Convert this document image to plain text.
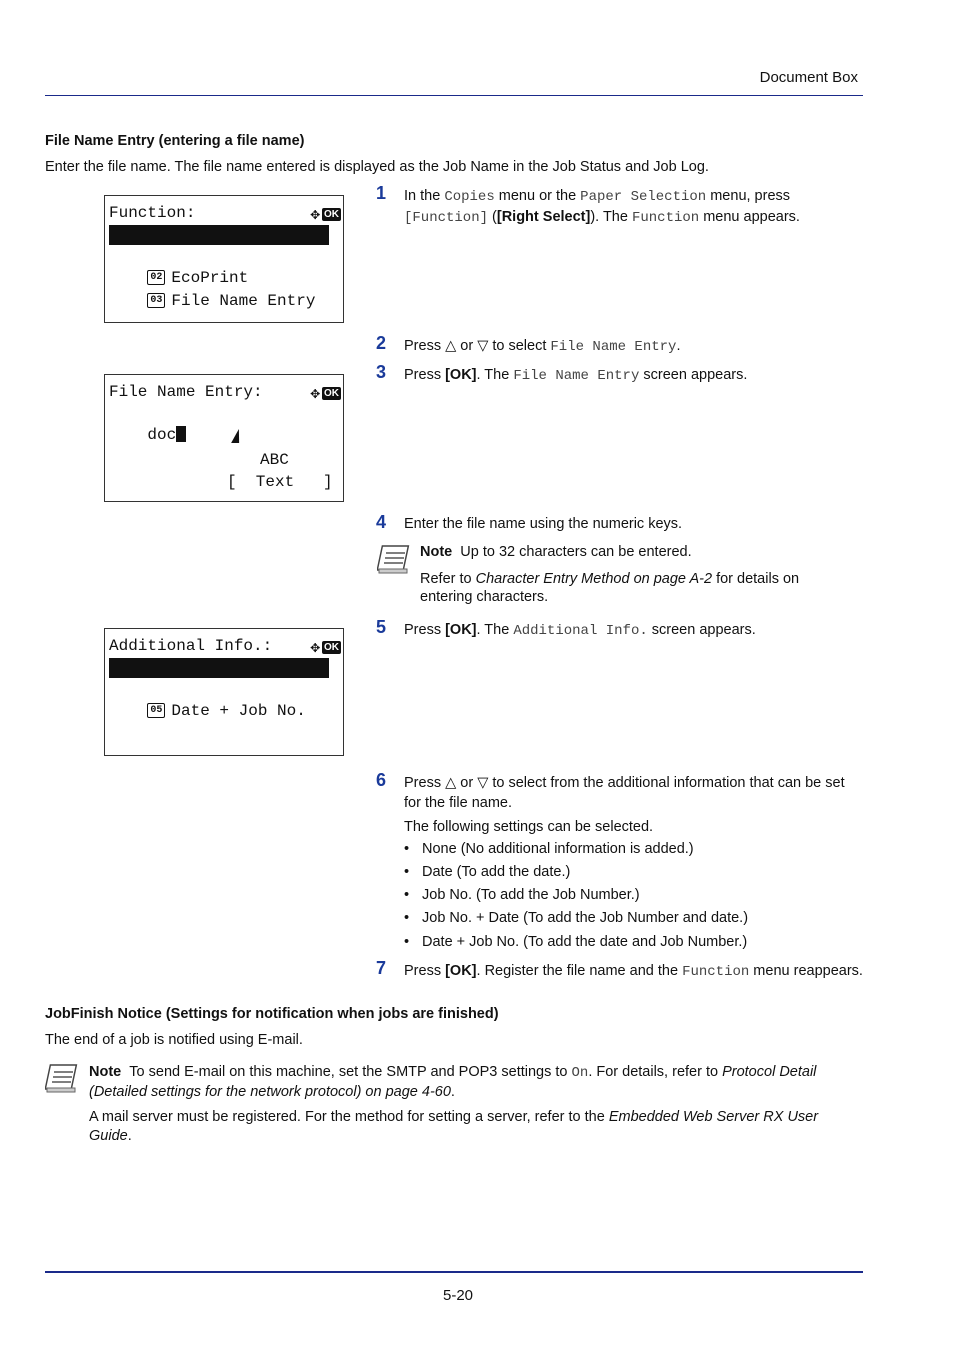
Document Box
File Name Entry (entering a file name)
Enter the file name. The file name entered is displayed as the Job Name in the Job Status and Job Log.
Function:	✥ OK

01 Duplex

02 EcoPrint

03 File Name Entry

1 In the Copies menu or the Paper Selection menu, press [Function] ([Right Select]). The Function menu appears.
2 Press △ or ▽ to select File Name Entry.
3 Press [OK]. The File Name Entry screen appears.
File Name Entry:	✥ OK

doc

ABC
[  Text   ]
4 Enter the file name using the numeric keys.
Note Up to 32 characters can be entered.
Refer to Character Entry Method on page A-2 for details on entering characters.
5 Press [OK]. The Additional Info. screen appears.
Additional Info.: ✥ OK

04 *Job No. + Date

05 Date + Job No.

6 Press △ or ▽ to select from the additional information that can be set for the file name.
The following settings can be selected.
• None (No additional information is added.)
• Date (To add the date.)
• Job No. (To add the Job Number.)
• Job No. + Date (To add the Job Number and date.)
• Date + Job No. (To add the date and Job Number.)
7 Press [OK]. Register the file name and the Function menu reappears.
JobFinish Notice (Settings for notification when jobs are finished)
The end of a job is notified using E-mail.
Note To send E-mail on this machine, set the SMTP and POP3 settings to On. For details, refer to Protocol Detail (Detailed settings for the network protocol) on page 4-60.
A mail server must be registered. For the method for setting a server, refer to the Embedded Web Server RX User Guide.
5-20
